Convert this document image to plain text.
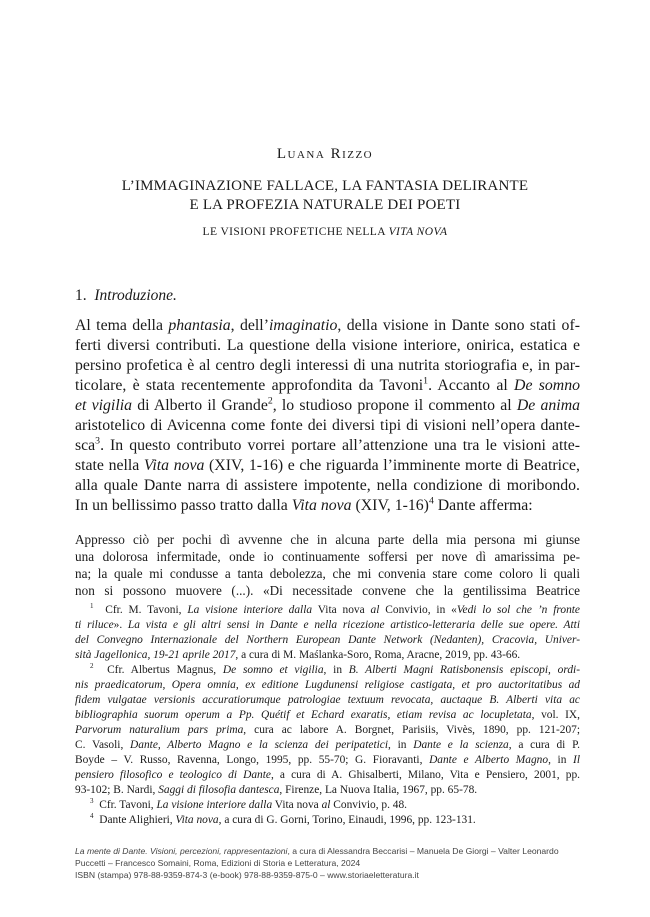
Luana Rizzo
L’IMMAGINAZIONE FALLACE, LA FANTASIA DELIRANTE
E LA PROFEZIA NATURALE DEI POETI
LE VISIONI PROFETICHE NELLA VITA NOVA
1. Introduzione.
Al tema della phantasia, dell’imaginatio, della visione in Dante sono stati of-
ferti diversi contributi. La questione della visione interiore, onirica, estatica e
persino profetica è al centro degli interessi di una nutrita storiografia e, in par-
ticolare, è stata recentemente approfondita da Tavoni$^1$. Accanto al De somno
et vigilia di Alberto il Grande$^2$, lo studioso propone il commento al De anima
aristotelico di Avicenna come fonte dei diversi tipi di visioni nell’opera dante-
sca$^3$. In questo contributo vorrei portare all’attenzione una tra le visioni atte-
state nella Vita nova (XIV, 1-16) e che riguarda l’imminente morte di Beatrice,
alla quale Dante narra di assistere impotente, nella condizione di moribondo.
In un bellissimo passo tratto dalla Vita nova (XIV, 1-16)$^4$ Dante afferma:
Appresso ciò per pochi dì avvenne che in alcuna parte della mia persona mi giunse
una dolorosa infermitade, onde io continuamente soffersi per nove dì amarissima pe-
na; la quale mi condusse a tanta debolezza, che mi convenia stare come coloro li quali
non si possono muovere (...). «Di necessitade convene che la gentilissima Beatrice
$^1$ Cfr. M. Tavoni, La visione interiore dalla Vita nova al Convivio, in «Vedi lo sol che ’n fronte
ti riluce». La vista e gli altri sensi in Dante e nella ricezione artistico-letteraria delle sue opere. Atti
del Convegno Internazionale del Northern European Dante Network (Nedanten), Cracovia, Univer-
sità Jagellonica, 19-21 aprile 2017, a cura di M. Maślanka-Soro, Roma, Aracne, 2019, pp. 43-66.
$^2$ Cfr. Albertus Magnus, De somno et vigilia, in B. Alberti Magni Ratisbonensis episcopi, ordi-
nis praedicatorum, Opera omnia, ex editione Lugdunensi religiose castigata, et pro auctoritatibus ad
fidem vulgatae versionis accuratiorumque patrologiae textuum revocata, auctaque B. Alberti vita ac
bibliographia suorum operum a Pp. Quétif et Echard exaratis, etiam revisa ac locupletata, vol. IX,
Parvorum naturalium pars prima, cura ac labore A. Borgnet, Parisiis, Vivès, 1890, pp. 121-207;
C. Vasoli, Dante, Alberto Magno e la scienza dei peripatetici, in Dante e la scienza, a cura di P.
Boyde – V. Russo, Ravenna, Longo, 1995, pp. 55-70; G. Fioravanti, Dante e Alberto Magno, in Il
pensiero filosofico e teologico di Dante, a cura di A. Ghisalberti, Milano, Vita e Pensiero, 2001, pp.
93-102; B. Nardi, Saggi di filosofia dantesca, Firenze, La Nuova Italia, 1967, pp. 65-78.
$^3$ Cfr. Tavoni, La visione interiore dalla Vita nova al Convivio, p. 48.
$^4$ Dante Alighieri, Vita nova, a cura di G. Gorni, Torino, Einaudi, 1996, pp. 123-131.
La mente di Dante. Visioni, percezioni, rappresentazioni, a cura di Alessandra Beccarisi – Manuela De Giorgi – Valter Leonardo
Puccetti – Francesco Somaini, Roma, Edizioni di Storia e Letteratura, 2024
ISBN (stampa) 978-88-9359-874-3 (e-book) 978-88-9359-875-0 – www.storiaeletteratura.it
